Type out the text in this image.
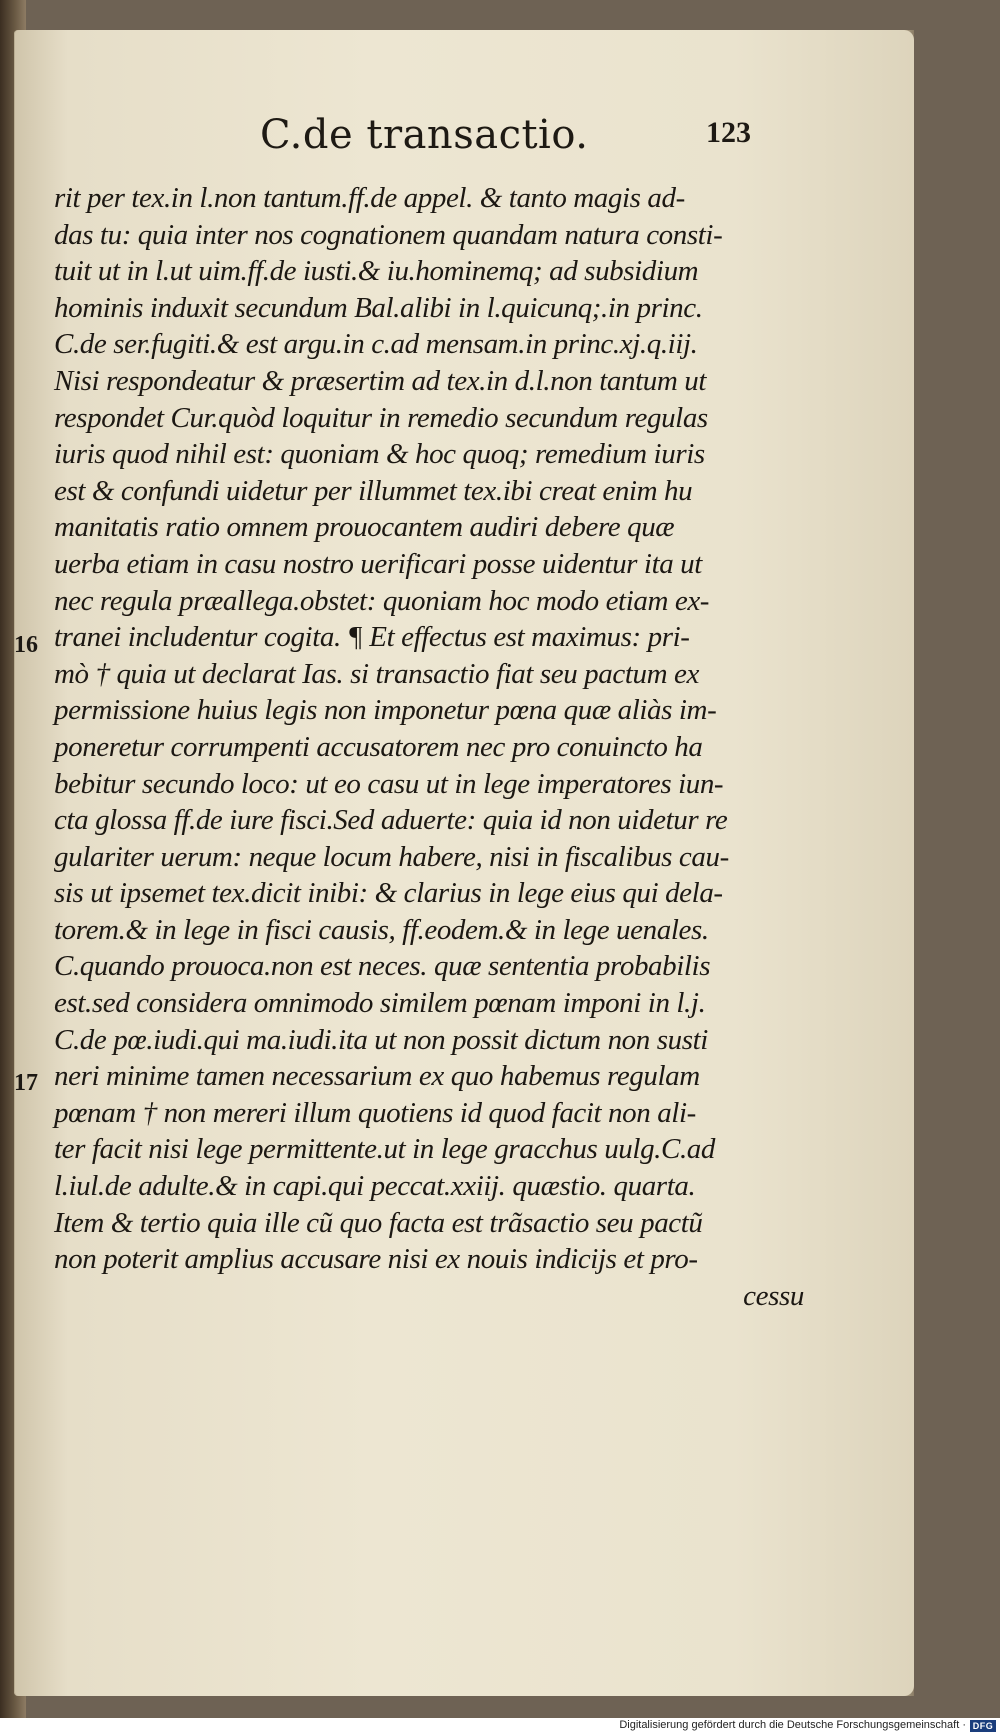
C.de transactio.	123
16
17
rit per tex.in l.non tantum.ff.de appel. & tanto magis ad-
das tu: quia inter nos cognationem quandam natura consti-
tuit ut in l.ut uim.ff.de iusti.& iu.hominemq; ad subsidium
hominis induxit secundum Bal.alibi in l.quicunq;.in princ.
C.de ser.fugiti.& est argu.in c.ad mensam.in princ.xj.q.iij.
Nisi respondeatur & præsertim ad tex.in d.l.non tantum ut
respondet Cur.quòd loquitur in remedio secundum regulas
iuris quod nihil est: quoniam & hoc quoq; remedium iuris
est & confundi uidetur per illummet tex.ibi creat enim hu
manitatis ratio omnem prouocantem audiri debere quæ
uerba etiam in casu nostro uerificari posse uidentur ita ut
nec regula præallega.obstet: quoniam hoc modo etiam ex-
tranei includentur cogita. ¶ Et effectus est maximus: pri-
mò † quia ut declarat Ias. si transactio fiat seu pactum ex
permissione huius legis non imponetur pœna quæ aliàs im-
poneretur corrumpenti accusatorem nec pro conuincto ha
bebitur secundo loco: ut eo casu ut in lege imperatores iun-
cta glossa ff.de iure fisci.Sed aduerte: quia id non uidetur re
gulariter uerum: neque locum habere, nisi in fiscalibus cau-
sis ut ipsemet tex.dicit inibi: & clarius in lege eius qui dela-
torem.& in lege in fisci causis, ff.eodem.& in lege uenales.
C.quando prouoca.non est neces. quæ sententia probabilis
est.sed considera omnimodo similem pœnam imponi in l.j.
C.de pœ.iudi.qui ma.iudi.ita ut non possit dictum non susti
neri minime tamen necessarium ex quo habemus regulam
pœnam † non mereri illum quotiens id quod facit non ali-
ter facit nisi lege permittente.ut in lege gracchus uulg.C.ad
l.iul.de adulte.& in capi.qui peccat.xxiij. quæstio. quarta.
Item & tertio quia ille cũ quo facta est trãsactio seu pactũ
non poterit amplius accusare nisi ex nouis indicijs et pro-
cessu
Digitalisierung gefördert durch die Deutsche Forschungsgemeinschaft · DFG
